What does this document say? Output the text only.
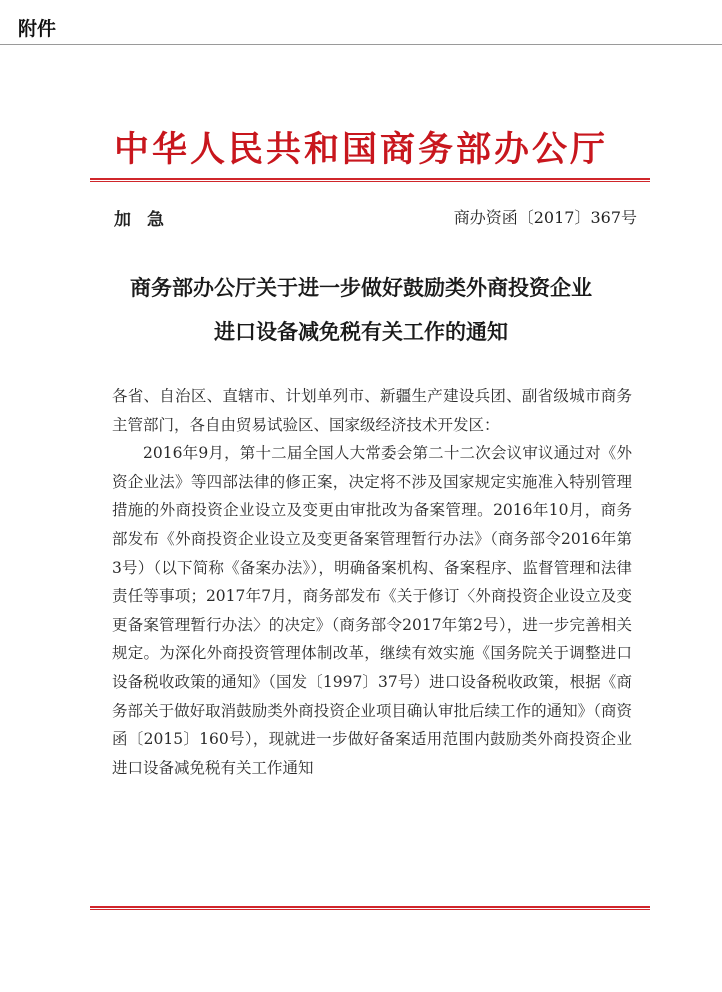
附件
中华人民共和国商务部办公厅
加急	商办资函〔2017〕367号
商务部办公厅关于进一步做好鼓励类外商投资企业
进口设备减免税有关工作的通知

各省、自治区、直辖市、计划单列市、新疆生产建设兵团、副省级城市商务主管部门，各自由贸易试验区、国家级经济技术开发区：

2016年9月，第十二届全国人大常委会第二十二次会议审议通过对《外资企业法》等四部法律的修正案，决定将不涉及国家规定实施准入特别管理措施的外商投资企业设立及变更由审批改为备案管理。2016年10月，商务部发布《外商投资企业设立及变更备案管理暂行办法》（商务部令2016年第3号）（以下简称《备案办法》），明确备案机构、备案程序、监督管理和法律责任等事项；2017年7月，商务部发布《关于修订〈外商投资企业设立及变更备案管理暂行办法〉的决定》（商务部令2017年第2号），进一步完善相关规定。为深化外商投资管理体制改革，继续有效实施《国务院关于调整进口设备税收政策的通知》（国发〔1997〕37号）进口设备税收政策，根据《商务部关于做好取消鼓励类外商投资企业项目确认审批后续工作的通知》（商资函〔2015〕160号），现就进一步做好备案适用范围内鼓励类外商投资企业进口设备减免税有关工作通知
